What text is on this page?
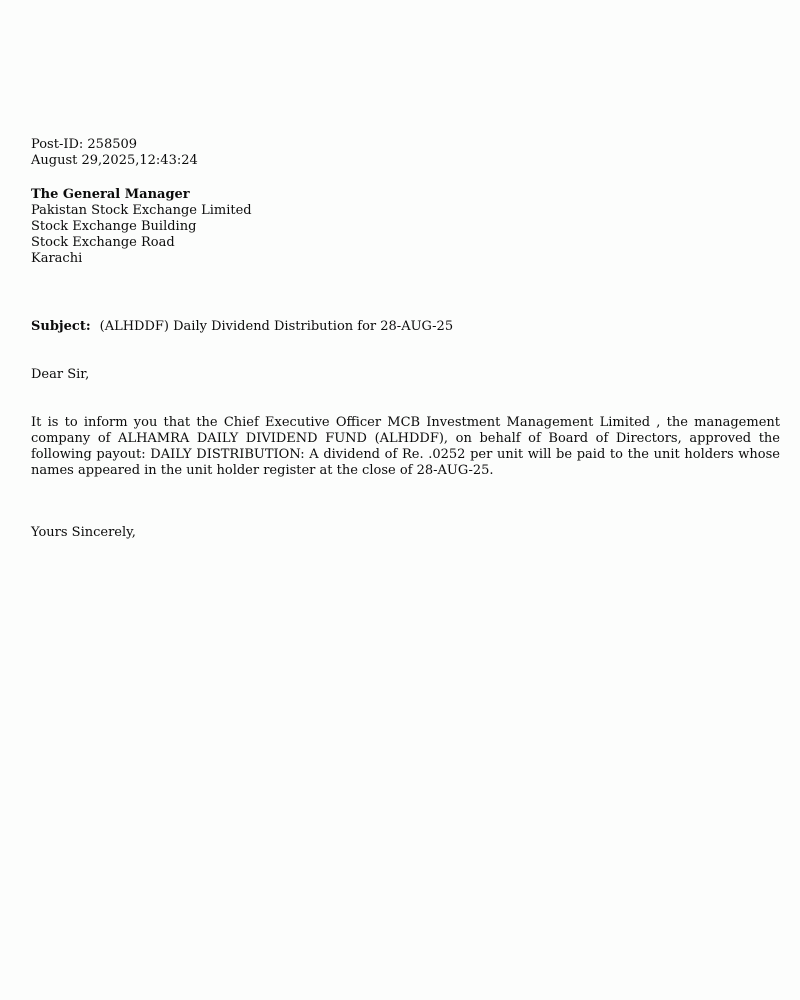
Post-ID: 258509
August 29,2025,12:43:24
The General Manager
Pakistan Stock Exchange Limited
Stock Exchange Building
Stock Exchange Road
Karachi
Subject: (ALHDDF) Daily Dividend Distribution for 28-AUG-25
Dear Sir,
It is to inform you that the Chief Executive Officer MCB Investment Management Limited , the management company of ALHAMRA DAILY DIVIDEND FUND (ALHDDF), on behalf of Board of Directors, approved the following payout: DAILY DISTRIBUTION: A dividend of Re. .0252 per unit will be paid to the unit holders whose names appeared in the unit holder register at the close of 28-AUG-25.
Yours Sincerely,
